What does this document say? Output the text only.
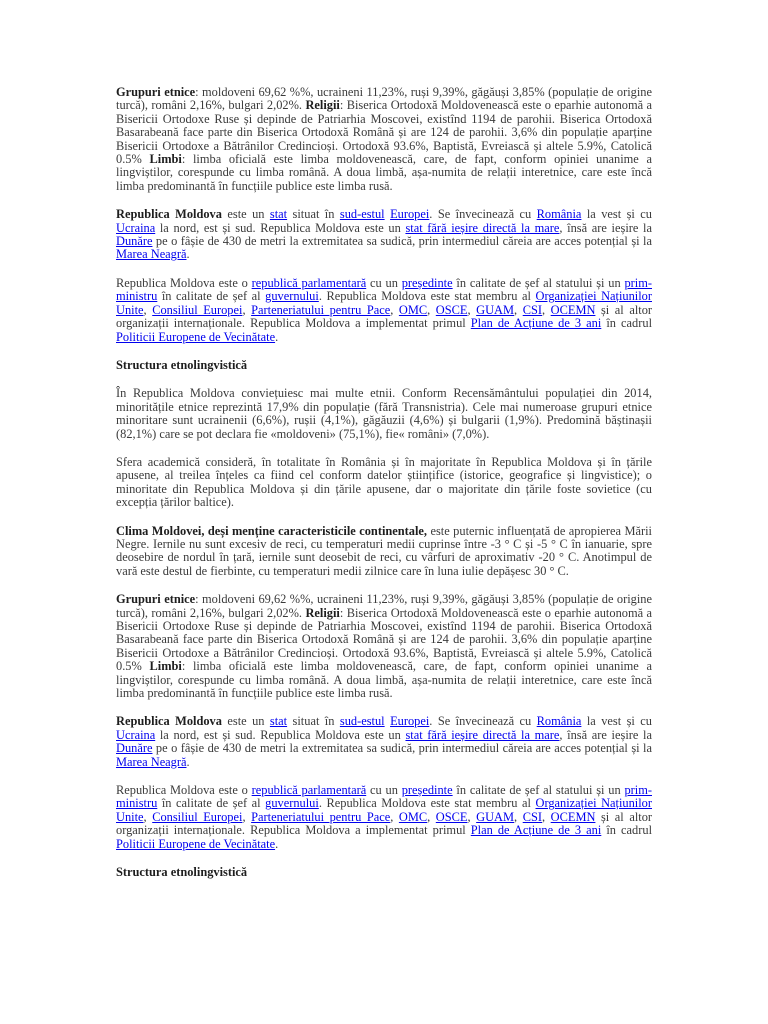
Grupuri etnice: moldoveni 69,62 %%, ucraineni 11,23%, ruși 9,39%, găgăuși 3,85% (populație de origine turcă), români 2,16%, bulgari 2,02%. Religii: Biserica Ortodoxă Moldovenească este o eparhie autonomă a Bisericii Ortodoxe Ruse și depinde de Patriarhia Moscovei, existînd 1194 de parohii. Biserica Ortodoxă Basarabeană face parte din Biserica Ortodoxă Română și are 124 de parohii. 3,6% din populație aparține Bisericii Ortodoxe a Bătrânilor Credincioși. Ortodoxă 93.6%, Baptistă, Evreiască și altele 5.9%, Catolică 0.5% Limbi: limba oficială este limba moldovenească, care, de fapt, conform opiniei unanime a lingviștilor, corespunde cu limba română. A doua limbă, așa-numita de relații interetnice, care este încă limba predominantă în funcțiile publice este limba rusă.

Republica Moldova este un stat situat în sud-estul Europei. Se învecinează cu România la vest și cu Ucraina la nord, est și sud. Republica Moldova este un stat fără ieșire directă la mare, însă are ieșire la Dunăre pe o fâșie de 430 de metri la extremitatea sa sudică, prin intermediul căreia are acces potențial și la Marea Neagră.

Republica Moldova este o republică parlamentară cu un președinte în calitate de șef al statului și un prim-ministru în calitate de șef al guvernului. Republica Moldova este stat membru al Organizației Națiunilor Unite, Consiliul Europei, Parteneriatului pentru Pace, OMC, OSCE, GUAM, CSI, OCEMN și al altor organizații internaționale. Republica Moldova a implementat primul Plan de Acțiune de 3 ani în cadrul Politicii Europene de Vecinătate.

Structura etnolingvistică

În Republica Moldova conviețuiesc mai multe etnii. Conform Recensământului populației din 2014, minoritățile etnice reprezintă 17,9% din populație (fără Transnistria). Cele mai numeroase grupuri etnice minoritare sunt ucrainenii (6,6%), rușii (4,1%), găgăuzii (4,6%) și bulgarii (1,9%). Predomină băștinașii (82,1%) care se pot declara fie «moldoveni» (75,1%), fie« români» (7,0%).

Sfera academică consideră, în totalitate în România și în majoritate în Republica Moldova și în țările apusene, al treilea înțeles ca fiind cel conform datelor științifice (istorice, geografice și lingvistice); o minoritate din Republica Moldova și din țările apusene, dar o majoritate din țările foste sovietice (cu excepția țărilor baltice).

Clima Moldovei, deși menține caracteristicile continentale, este puternic influențată de apropierea Mării Negre. Iernile nu sunt excesiv de reci, cu temperaturi medii cuprinse între -3 ° C și -5 ° C în ianuarie, spre deosebire de nordul în țară, iernile sunt deosebit de reci, cu vârfuri de aproximativ -20 ° C. Anotimpul de vară este destul de fierbinte, cu temperaturi medii zilnice care în luna iulie depășesc 30 ° C.

Grupuri etnice: moldoveni 69,62 %%, ucraineni 11,23%, ruși 9,39%, găgăuși 3,85% (populație de origine turcă), români 2,16%, bulgari 2,02%. Religii: Biserica Ortodoxă Moldovenească este o eparhie autonomă a Bisericii Ortodoxe Ruse și depinde de Patriarhia Moscovei, existînd 1194 de parohii. Biserica Ortodoxă Basarabeană face parte din Biserica Ortodoxă Română și are 124 de parohii. 3,6% din populație aparține Bisericii Ortodoxe a Bătrânilor Credincioși. Ortodoxă 93.6%, Baptistă, Evreiască și altele 5.9%, Catolică 0.5% Limbi: limba oficială este limba moldovenească, care, de fapt, conform opiniei unanime a lingviștilor, corespunde cu limba română. A doua limbă, așa-numita de relații interetnice, care este încă limba predominantă în funcțiile publice este limba rusă.

Republica Moldova este un stat situat în sud-estul Europei. Se învecinează cu România la vest și cu Ucraina la nord, est și sud. Republica Moldova este un stat fără ieșire directă la mare, însă are ieșire la Dunăre pe o fâșie de 430 de metri la extremitatea sa sudică, prin intermediul căreia are acces potențial și la Marea Neagră.

Republica Moldova este o republică parlamentară cu un președinte în calitate de șef al statului și un prim-ministru în calitate de șef al guvernului. Republica Moldova este stat membru al Organizației Națiunilor Unite, Consiliul Europei, Parteneriatului pentru Pace, OMC, OSCE, GUAM, CSI, OCEMN și al altor organizații internaționale. Republica Moldova a implementat primul Plan de Acțiune de 3 ani în cadrul Politicii Europene de Vecinătate.

Structura etnolingvistică
